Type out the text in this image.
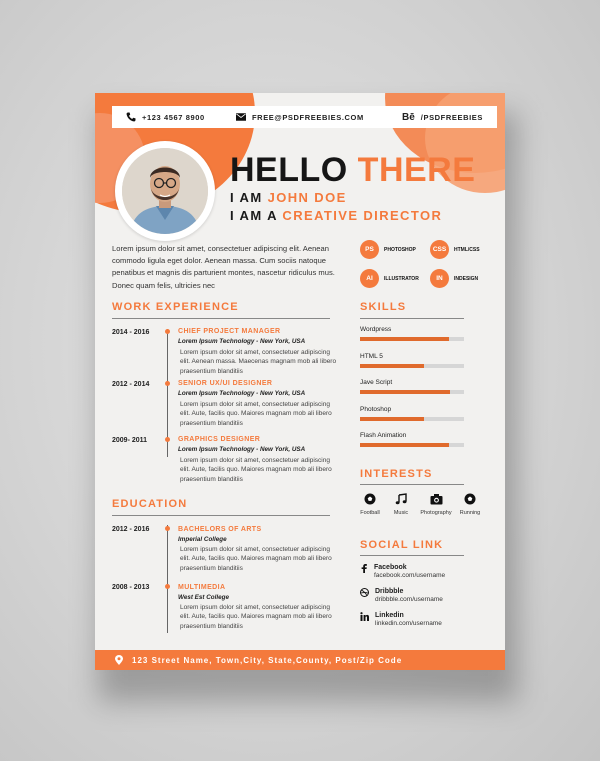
+123 4567 8900	FREE@PSDFREEBIES.COM	Bē /PSDFREEBIES
HELLO THERE
I AM JOHN DOE
I AM A CREATIVE DIRECTOR

Lorem ipsum dolor sit amet, consectetuer adipiscing elit. Aenean commodo ligula eget dolor. Aenean massa. Cum sociis natoque penatibus et magnis dis parturient montes, nascetur ridiculus mus. Donec quam felis, ultricies nec

PS	PHOTOSHOP	CSS	HTML/CSS
AI	ILLUSTRATOR	IN	INDESIGN
WORK EXPERIENCE
2014 - 2016	CHIEF PROJECT MANAGER
Lorem Ipsum Technology - New York, USA
Lorem ipsum dolor sit amet, consectetuer adipiscing elit. Aenean massa. Maecenas magnam mob ali libero praesentium blanditiis
2012 - 2014	SENIOR UX/UI DESIGNER
Lorem Ipsum Technology - New York, USA
Lorem ipsum dolor sit amet, consectetuer adipiscing elit. Aute, facilis quo. Maiores magnam mob ali libero praesentium blanditiis
2009- 2011	GRAPHICS DESIGNER
Lorem Ipsum Technology - New York, USA
Lorem ipsum dolor sit amet, consectetuer adipiscing elit. Aute, facilis quo. Maiores magnam mob ali libero praesentium blanditiis
EDUCATION
2012 - 2016	BACHELORS OF ARTS
Imperial College
Lorem ipsum dolor sit amet, consectetuer adipiscing elit. Aute, facilis quo. Maiores magnam mob ali libero praesentium blanditiis
2008 - 2013	MULTIMEDIA
West Est College
Lorem ipsum dolor sit amet, consectetuer adipiscing elit. Aute, facilis quo. Maiores magnam mob ali libero praesentium blanditiis
SKILLS
Wordpress
HTML 5
Jave Script
Photoshop
Flash Animation
INTERESTS
Football	Music	Photography	Running
SOCIAL LINK
Facebook
facebook.com/username
Dribbble
dribbble.com/username
Linkedin
linkedin.com/username
123 Street Name, Town,City, State,County, Post/Zip Code
